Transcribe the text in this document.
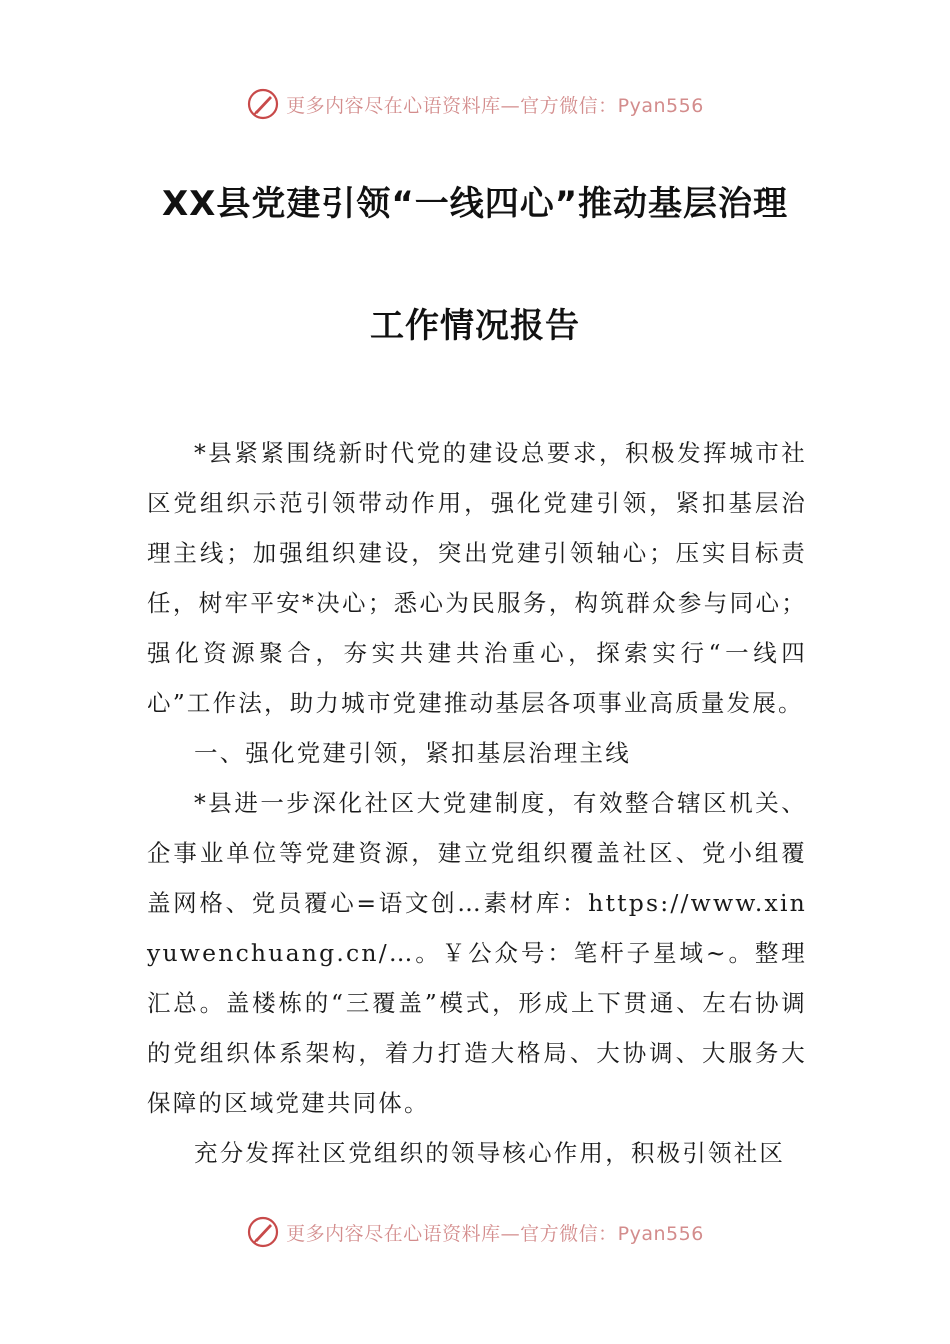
更多内容尽在心语资料库—官方微信：Pyan556
XX县党建引领“一线四心”推动基层治理
工作情况报告

*县紧紧围绕新时代党的建设总要求，积极发挥城市社区党组织示范引领带动作用，强化党建引领，紧扣基层治理主线；加强组织建设，突出党建引领轴心；压实目标责任，树牢平安*决心；悉心为民服务，构筑群众参与同心；强化资源聚合，夯实共建共治重心，探索实行“一线四心”工作法，助力城市党建推动基层各项事业高质量发展。

一、强化党建引领，紧扣基层治理主线

*县进一步深化社区大党建制度，有效整合辖区机关、企事业单位等党建资源，建立党组织覆盖社区、党小组覆盖网格、党员覆心=语文创…素材库：https://www.xinyuwenchuang.cn/…。￥公众号：笔杆子星域~。整理汇总。盖楼栋的“三覆盖”模式，形成上下贯通、左右协调的党组织体系架构，着力打造大格局、大协调、大服务大保障的区域党建共同体。

充分发挥社区党组织的领导核心作用，积极引领社区

更多内容尽在心语资料库—官方微信：Pyan556
